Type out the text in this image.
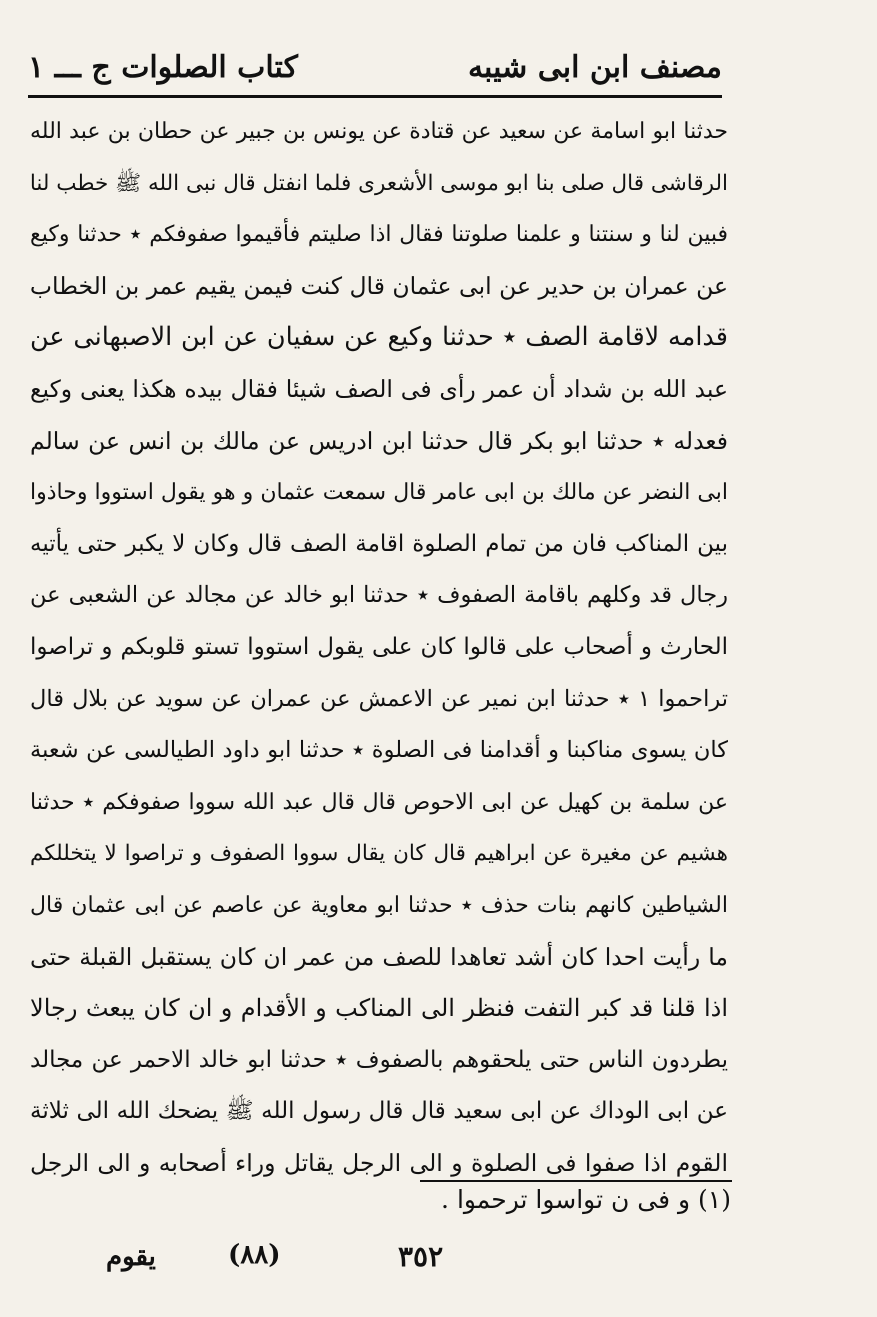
كتاب الصلوات ج ـــ ١	مصنف ابن ابى شيبه
حدثنا ابو اسامة عن سعيد عن قتادة عن يونس بن جبير عن حطان بن عبد الله
الرقاشى قال صلى بنا ابو موسى الأشعرى فلما انفتل قال نبى الله ﷺ خطب لنا
فبين لنا و سنتنا و علمنا صلوتنا فقال اذا صليتم فأقيموا صفوفكم ٭ حدثنا وكيع
عن عمران بن حدير عن ابى عثمان قال كنت فيمن يقيم عمر بن الخطاب
قدامه لاقامة الصف ٭ حدثنا وكيع عن سفيان عن ابن الاصبهانى عن
عبد الله بن شداد أن عمر رأى فى الصف شيئا فقال بيده هكذا يعنى وكيع
فعدله ٭ حدثنا ابو بكر قال حدثنا ابن ادريس عن مالك بن انس عن سالم
ابى النضر عن مالك بن ابى عامر قال سمعت عثمان و هو يقول استووا وحاذوا
بين المناكب فان من تمام الصلوة اقامة الصف قال وكان لا يكبر حتى يأتيه
رجال قد وكلهم باقامة الصفوف ٭ حدثنا ابو خالد عن مجالد عن الشعبى عن
الحارث و أصحاب على قالوا كان على يقول استووا تستو قلوبكم و تراصوا
تراحموا ١ ٭ حدثنا ابن نمير عن الاعمش عن عمران عن سويد عن بلال قال
كان يسوى مناكبنا و أقدامنا فى الصلوة ٭ حدثنا ابو داود الطيالسى عن شعبة
عن سلمة بن كهيل عن ابى الاحوص قال قال عبد الله سووا صفوفكم ٭ حدثنا
هشيم عن مغيرة عن ابراهيم قال كان يقال سووا الصفوف و تراصوا لا يتخللكم
الشياطين كانهم بنات حذف ٭ حدثنا ابو معاوية عن عاصم عن ابى عثمان قال
ما رأيت احدا كان أشد تعاهدا للصف من عمر ان كان يستقبل القبلة حتى
اذا قلنا قد كبر التفت فنظر الى المناكب و الأقدام و ان كان يبعث رجالا
يطردون الناس حتى يلحقوهم بالصفوف ٭ حدثنا ابو خالد الاحمر عن مجالد
عن ابى الوداك عن ابى سعيد قال قال رسول الله ﷺ يضحك الله الى ثلاثة
القوم اذا صفوا فى الصلوة و الى الرجل يقاتل وراء أصحابه و الى الرجل
(١) و فى ن تواسوا ترحموا .
يقوم	(٨٨)	٣٥٢
